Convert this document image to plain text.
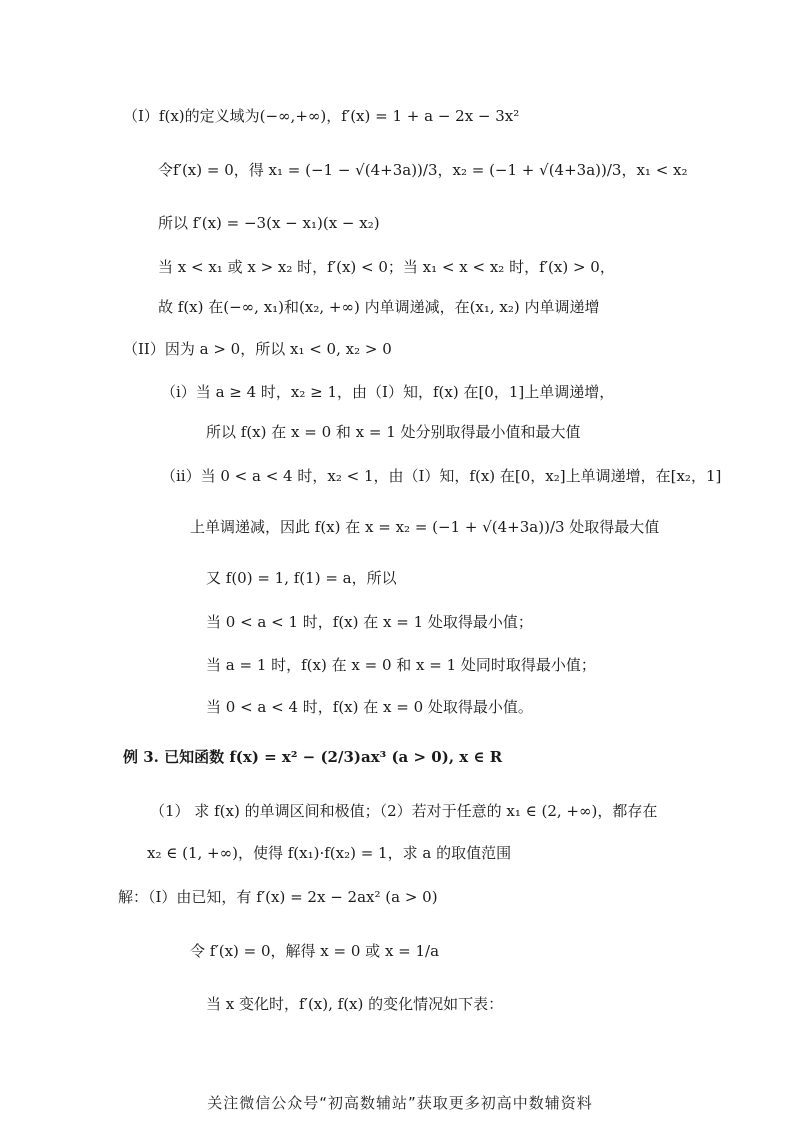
（I）f(x)的定义域为(−∞,+∞)，f′(x) = 1 + a − 2x − 3x²
令f′(x) = 0，得 x₁ = (−1 − √(4+3a))/3，x₂ = (−1 + √(4+3a))/3，x₁ < x₂
所以 f′(x) = −3(x − x₁)(x − x₂)
当 x < x₁ 或 x > x₂ 时，f′(x) < 0；当 x₁ < x < x₂ 时，f′(x) > 0，
故 f(x) 在(−∞, x₁)和(x₂, +∞) 内单调递减，在(x₁, x₂) 内单调递增
（II）因为 a > 0，所以 x₁ < 0, x₂ > 0
（i）当 a ≥ 4 时，x₂ ≥ 1，由（I）知，f(x) 在[0，1]上单调递增，
所以 f(x) 在 x = 0 和 x = 1 处分别取得最小值和最大值
（ii）当 0 < a < 4 时，x₂ < 1，由（I）知，f(x) 在[0，x₂]上单调递增，在[x₂，1]
上单调递减，因此 f(x) 在 x = x₂ = (−1 + √(4+3a))/3 处取得最大值
又 f(0) = 1, f(1) = a，所以
当 0 < a < 1 时，f(x) 在 x = 1 处取得最小值；
当 a = 1 时，f(x) 在 x = 0 和 x = 1 处同时取得最小值；
当 0 < a < 4 时，f(x) 在 x = 0 处取得最小值。
例 3. 已知函数 f(x) = x² − (2/3)ax³ (a > 0), x ∈ R
（1） 求 f(x) 的单调区间和极值；（2）若对于任意的 x₁ ∈ (2, +∞)，都存在
x₂ ∈ (1, +∞)，使得 f(x₁)·f(x₂) = 1，求 a 的取值范围
解：（I）由已知，有 f′(x) = 2x − 2ax² (a > 0)
令 f′(x) = 0，解得 x = 0 或 x = 1/a
当 x 变化时，f′(x), f(x) 的变化情况如下表：
关注微信公众号“初高数辅站”获取更多初高中数辅资料
